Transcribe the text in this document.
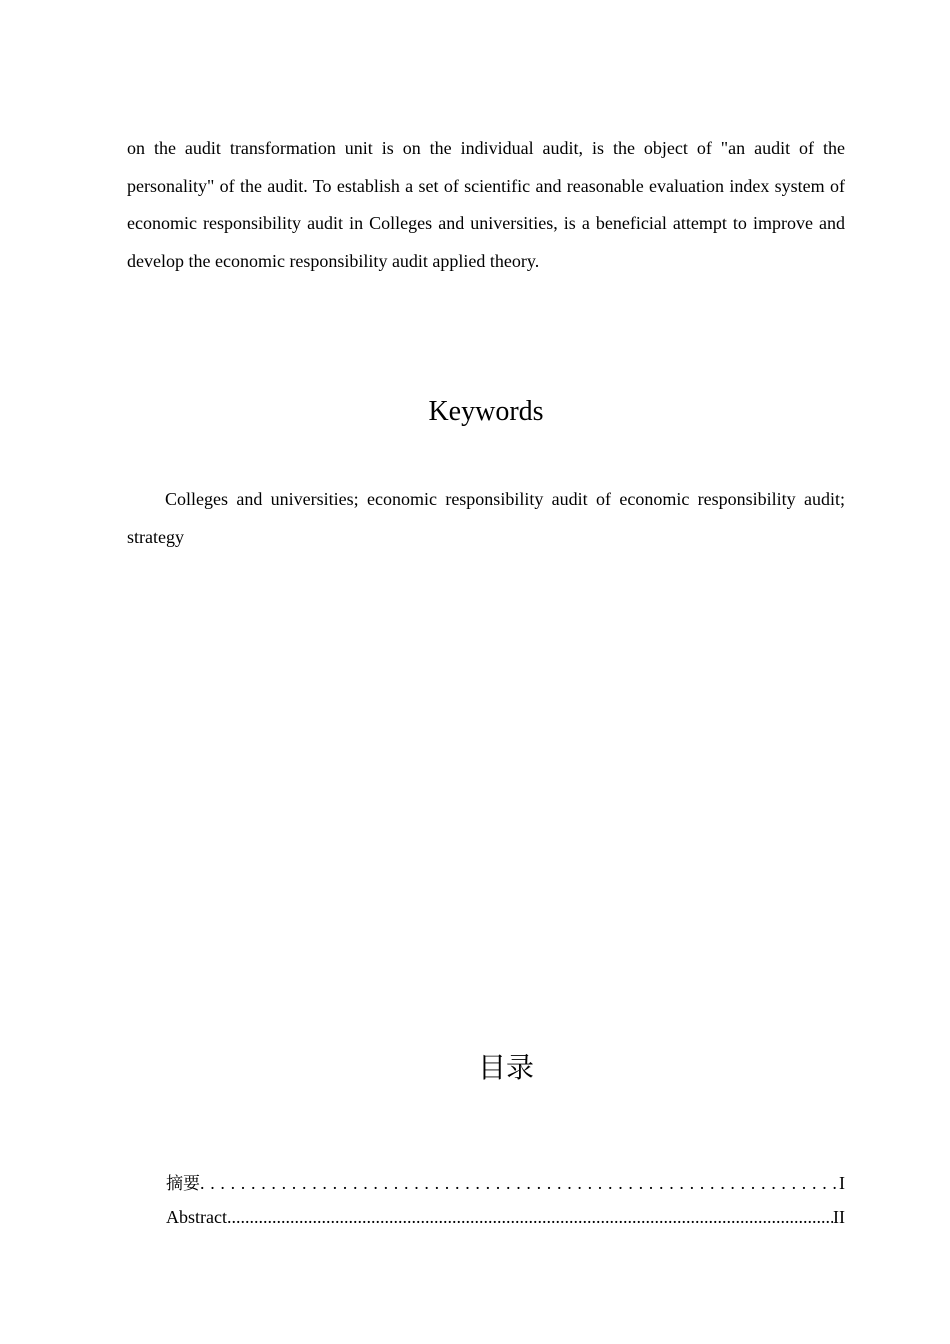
on the audit transformation unit is on the individual audit, is the object of "an audit of the personality" of the audit. To establish a set of scientific and reasonable evaluation index system of economic responsibility audit in Colleges and universities, is a beneficial attempt to improve and develop the economic responsibility audit applied theory.

Keywords

Colleges and universities; economic responsibility audit of economic responsibility audit; strategy

目录
摘要 . . .	I
Abstract .....	II
